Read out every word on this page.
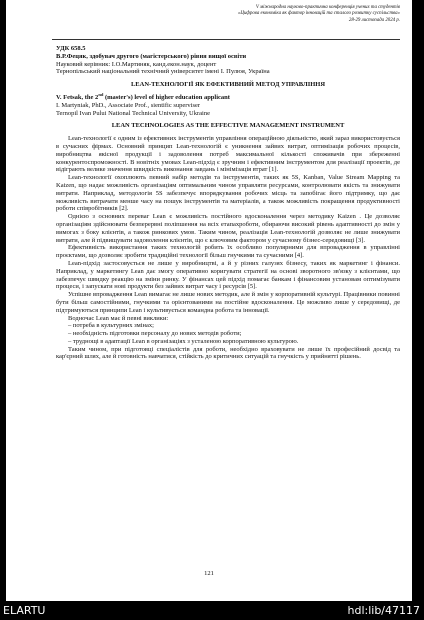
V міжнародна науково-практична конференція учених та студентів
«Цифрова економіка як фактор інновацій та сталого розвитку суспільства»
28-29 листопада 2024 р.
УДК 658.5
В.Р.Фецяк, здобувач другого (магістерського) рівня вищої освіти
Науковий керівник: І.О.Мартиняк, канд.екон.наук, доцент
Тернопільський національний технічний університет імені І. Пулюя, Україна
LEAN-ТЕХНОЛОГІЇ ЯК ЕФЕКТИВНИЙ МЕТОД УПРАВЛІННЯ
V. Fetsak, the 2nd (master's) level of higher education applicant
I. Martyniak, PhD., Associate Prof., sientific superviser
Ternopil Ivan Pului National Technical University, Ukraine
LEAN TECHNOLOGIES AS THE EFFECTIVE MANAGEMENT INSTRUMENT

Lean-технології є одним із ефективних інструментів управління операційною діяльністю, який зараз використовується в сучасних фірмах. Основний принцип Lean-технологій є уникнення зайвих витрат, оптимізація робочих процесів, виробництва якісної продукції і задоволення потреб максимальної кількості споживачів при збереженні конкурентоспроможності. В новітніх умовах Lean-підхід є зручним і ефективним інструментом для реалізації проектів, де відіграють велике значення швидкість виконання завдань і мінімізація втрат [1].

Lean-технології охоплюють певний набір методів та інструментів, таких як 5S, Kanban, Value Stream Mapping та Kaizen, що надає можливість організаціям оптимальним чином управляти ресурсами, контролювати якість та знижувати витрати. Наприклад, методологія 5S забезпечує впорядкування робочих місць та запобігає його підтримку, що дає можливість витрачати менше часу на пошук інструментів та матеріалів, а також можливість покращення продуктивності роботи співробітників [2].

Однією з основних переваг Lean є можливість постійного вдосконалення через методику Kaizen . Це дозволяє організаціям здійснювати безперервні поліпшення на всіх етапахроботи, обираючи високий рівень адаптивності до змін у вимогах з боку клієнтів, а також ринкових умов. Таким чином, реалізація Lean-технологій дозволяє не лише знижувати витрати, але й підвищувати задоволення клієнтів, що є ключовим фактором у сучасному бізнес-середовищі [3].

Ефективність використання таких технологій робить їх особливо популярними для впровадження в управлінні проєктами, що дозволяє зробити традиційні технології більш гнучкими та сучасними [4].

Lean-підхід застосовується не лише у виробництві, а й у різних галузях бізнесу, таких як маркетинг і фінанси. Наприклад, у маркетингу Lean дає змогу оперативно коригувати стратегії на основі зворотного зв'язку з клієнтами, що забезпечує швидку реакцію на зміни ринку. У фінансах цей підхід помагає банкам і фінансовим установам оптимізувати процеси, і запускати нові продукти без зайвих витрат часу і ресурсів [5].

Успішне впровадження Lean вимагає не лише нових методик, але й змін у корпоративній культурі. Працівники повинні бути більш самостійними, гнучкими та орієнтованими на постійне вдосконалення. Це можливо лише у середовищі, де підтримуються принципи Lean і культивується командна робота та інновації.

Водночас Lean має й певні виклики:

– потреба в культурних змінах;
– необхідність підготовки персоналу до нових методів роботи;
– труднощі в адаптації Lean в організаціях з усталеною корпоративною культурою.

Таким чином, при підготовці спеціалістів для роботи, необхідно враховувати не лише їх професійний досвід та кар'єрний шлях, але й готовність навчатися, стійкість до критичних ситуацій та гнучкість у прийнятті рішень.

121
ELARTU	hdl:lib/47117
